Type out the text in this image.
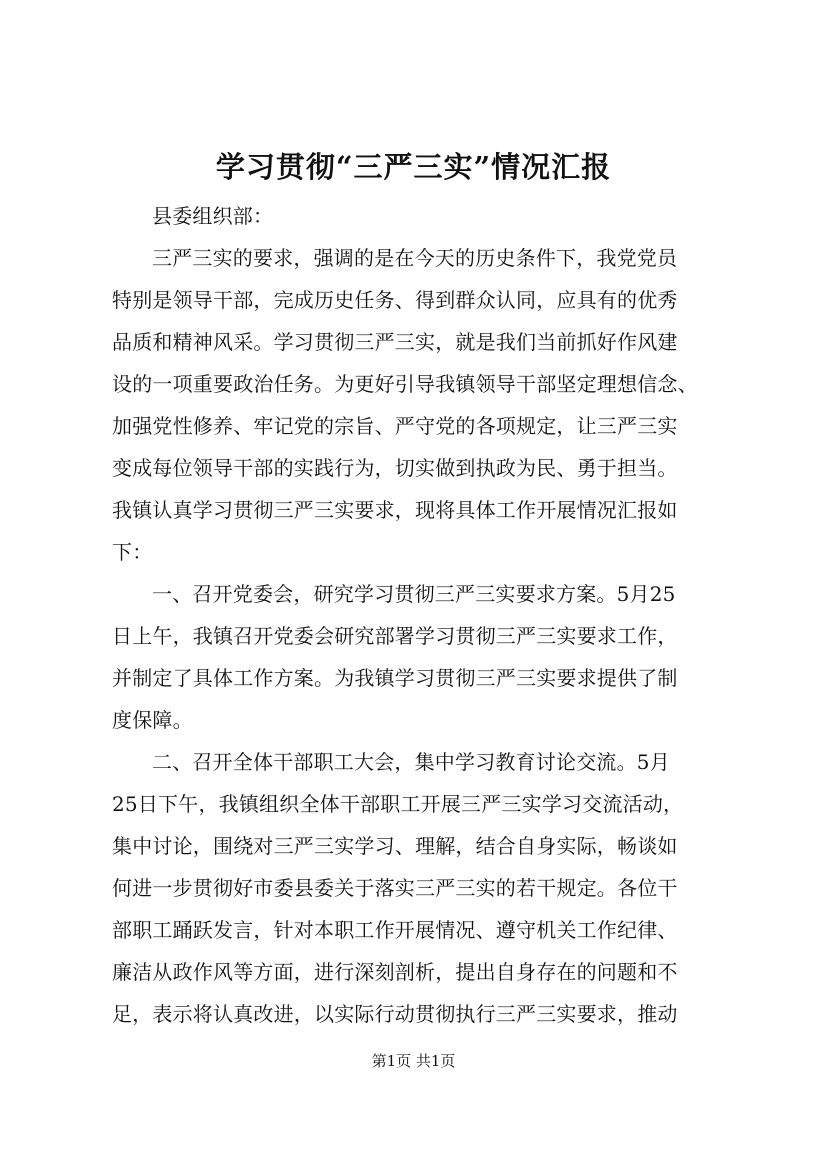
学习贯彻“三严三实”情况汇报
县委组织部：
三严三实的要求，强调的是在今天的历史条件下，我党党员
特别是领导干部，完成历史任务、得到群众认同，应具有的优秀
品质和精神风采。学习贯彻三严三实，就是我们当前抓好作风建
设的一项重要政治任务。为更好引导我镇领导干部坚定理想信念、
加强党性修养、牢记党的宗旨、严守党的各项规定，让三严三实
变成每位领导干部的实践行为，切实做到执政为民、勇于担当。
我镇认真学习贯彻三严三实要求，现将具体工作开展情况汇报如
下：
一、召开党委会，研究学习贯彻三严三实要求方案。5月25
日上午，我镇召开党委会研究部署学习贯彻三严三实要求工作，
并制定了具体工作方案。为我镇学习贯彻三严三实要求提供了制
度保障。
二、召开全体干部职工大会，集中学习教育讨论交流。5月
25日下午，我镇组织全体干部职工开展三严三实学习交流活动，
集中讨论，围绕对三严三实学习、理解，结合自身实际，畅谈如
何进一步贯彻好市委县委关于落实三严三实的若干规定。各位干
部职工踊跃发言，针对本职工作开展情况、遵守机关工作纪律、
廉洁从政作风等方面，进行深刻剖析，提出自身存在的问题和不
足，表示将认真改进，以实际行动贯彻执行三严三实要求，推动
第1页 共1页
